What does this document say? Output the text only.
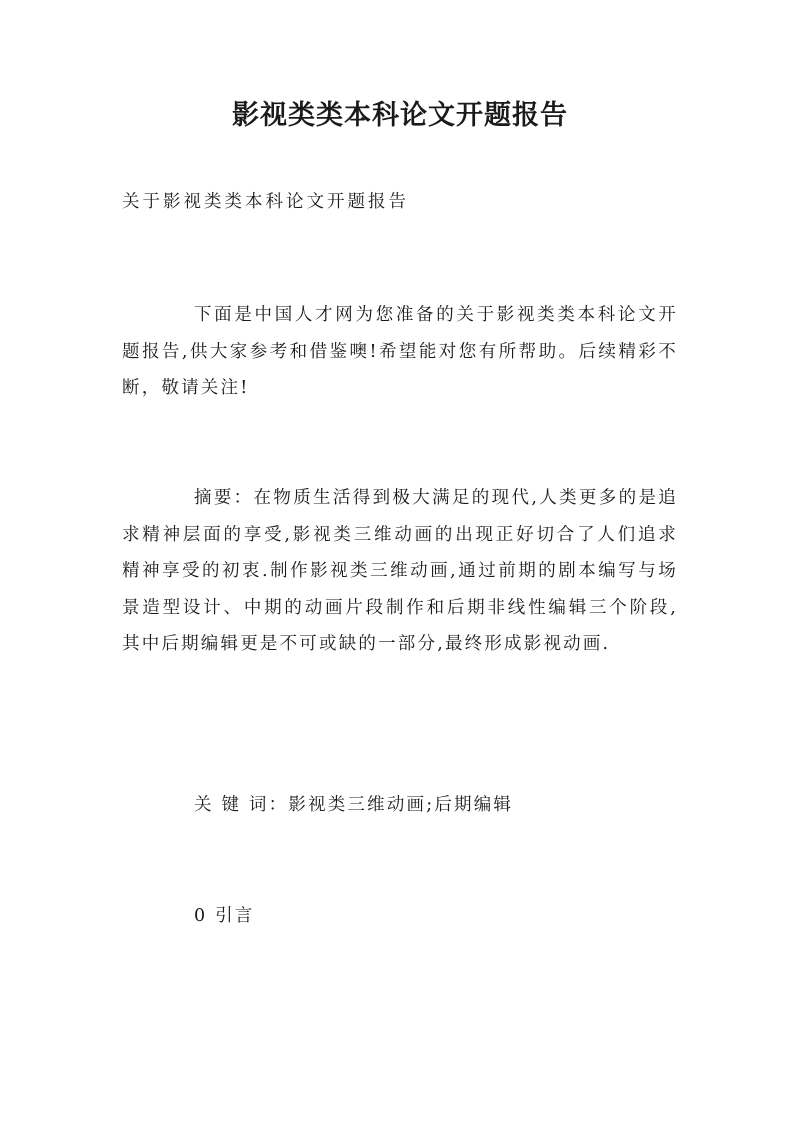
影视类类本科论文开题报告

关于影视类类本科论文开题报告

下面是中国人才网为您准备的关于影视类类本科论文开题报告,供大家参考和借鉴噢!希望能对您有所帮助。后续精彩不断，敬请关注!

摘要：在物质生活得到极大满足的现代,人类更多的是追求精神层面的享受,影视类三维动画的出现正好切合了人们追求精神享受的初衷.制作影视类三维动画,通过前期的剧本编写与场景造型设计、中期的动画片段制作和后期非线性编辑三个阶段,其中后期编辑更是不可或缺的一部分,最终形成影视动画.

关 键 词：影视类三维动画;后期编辑

0 引言
